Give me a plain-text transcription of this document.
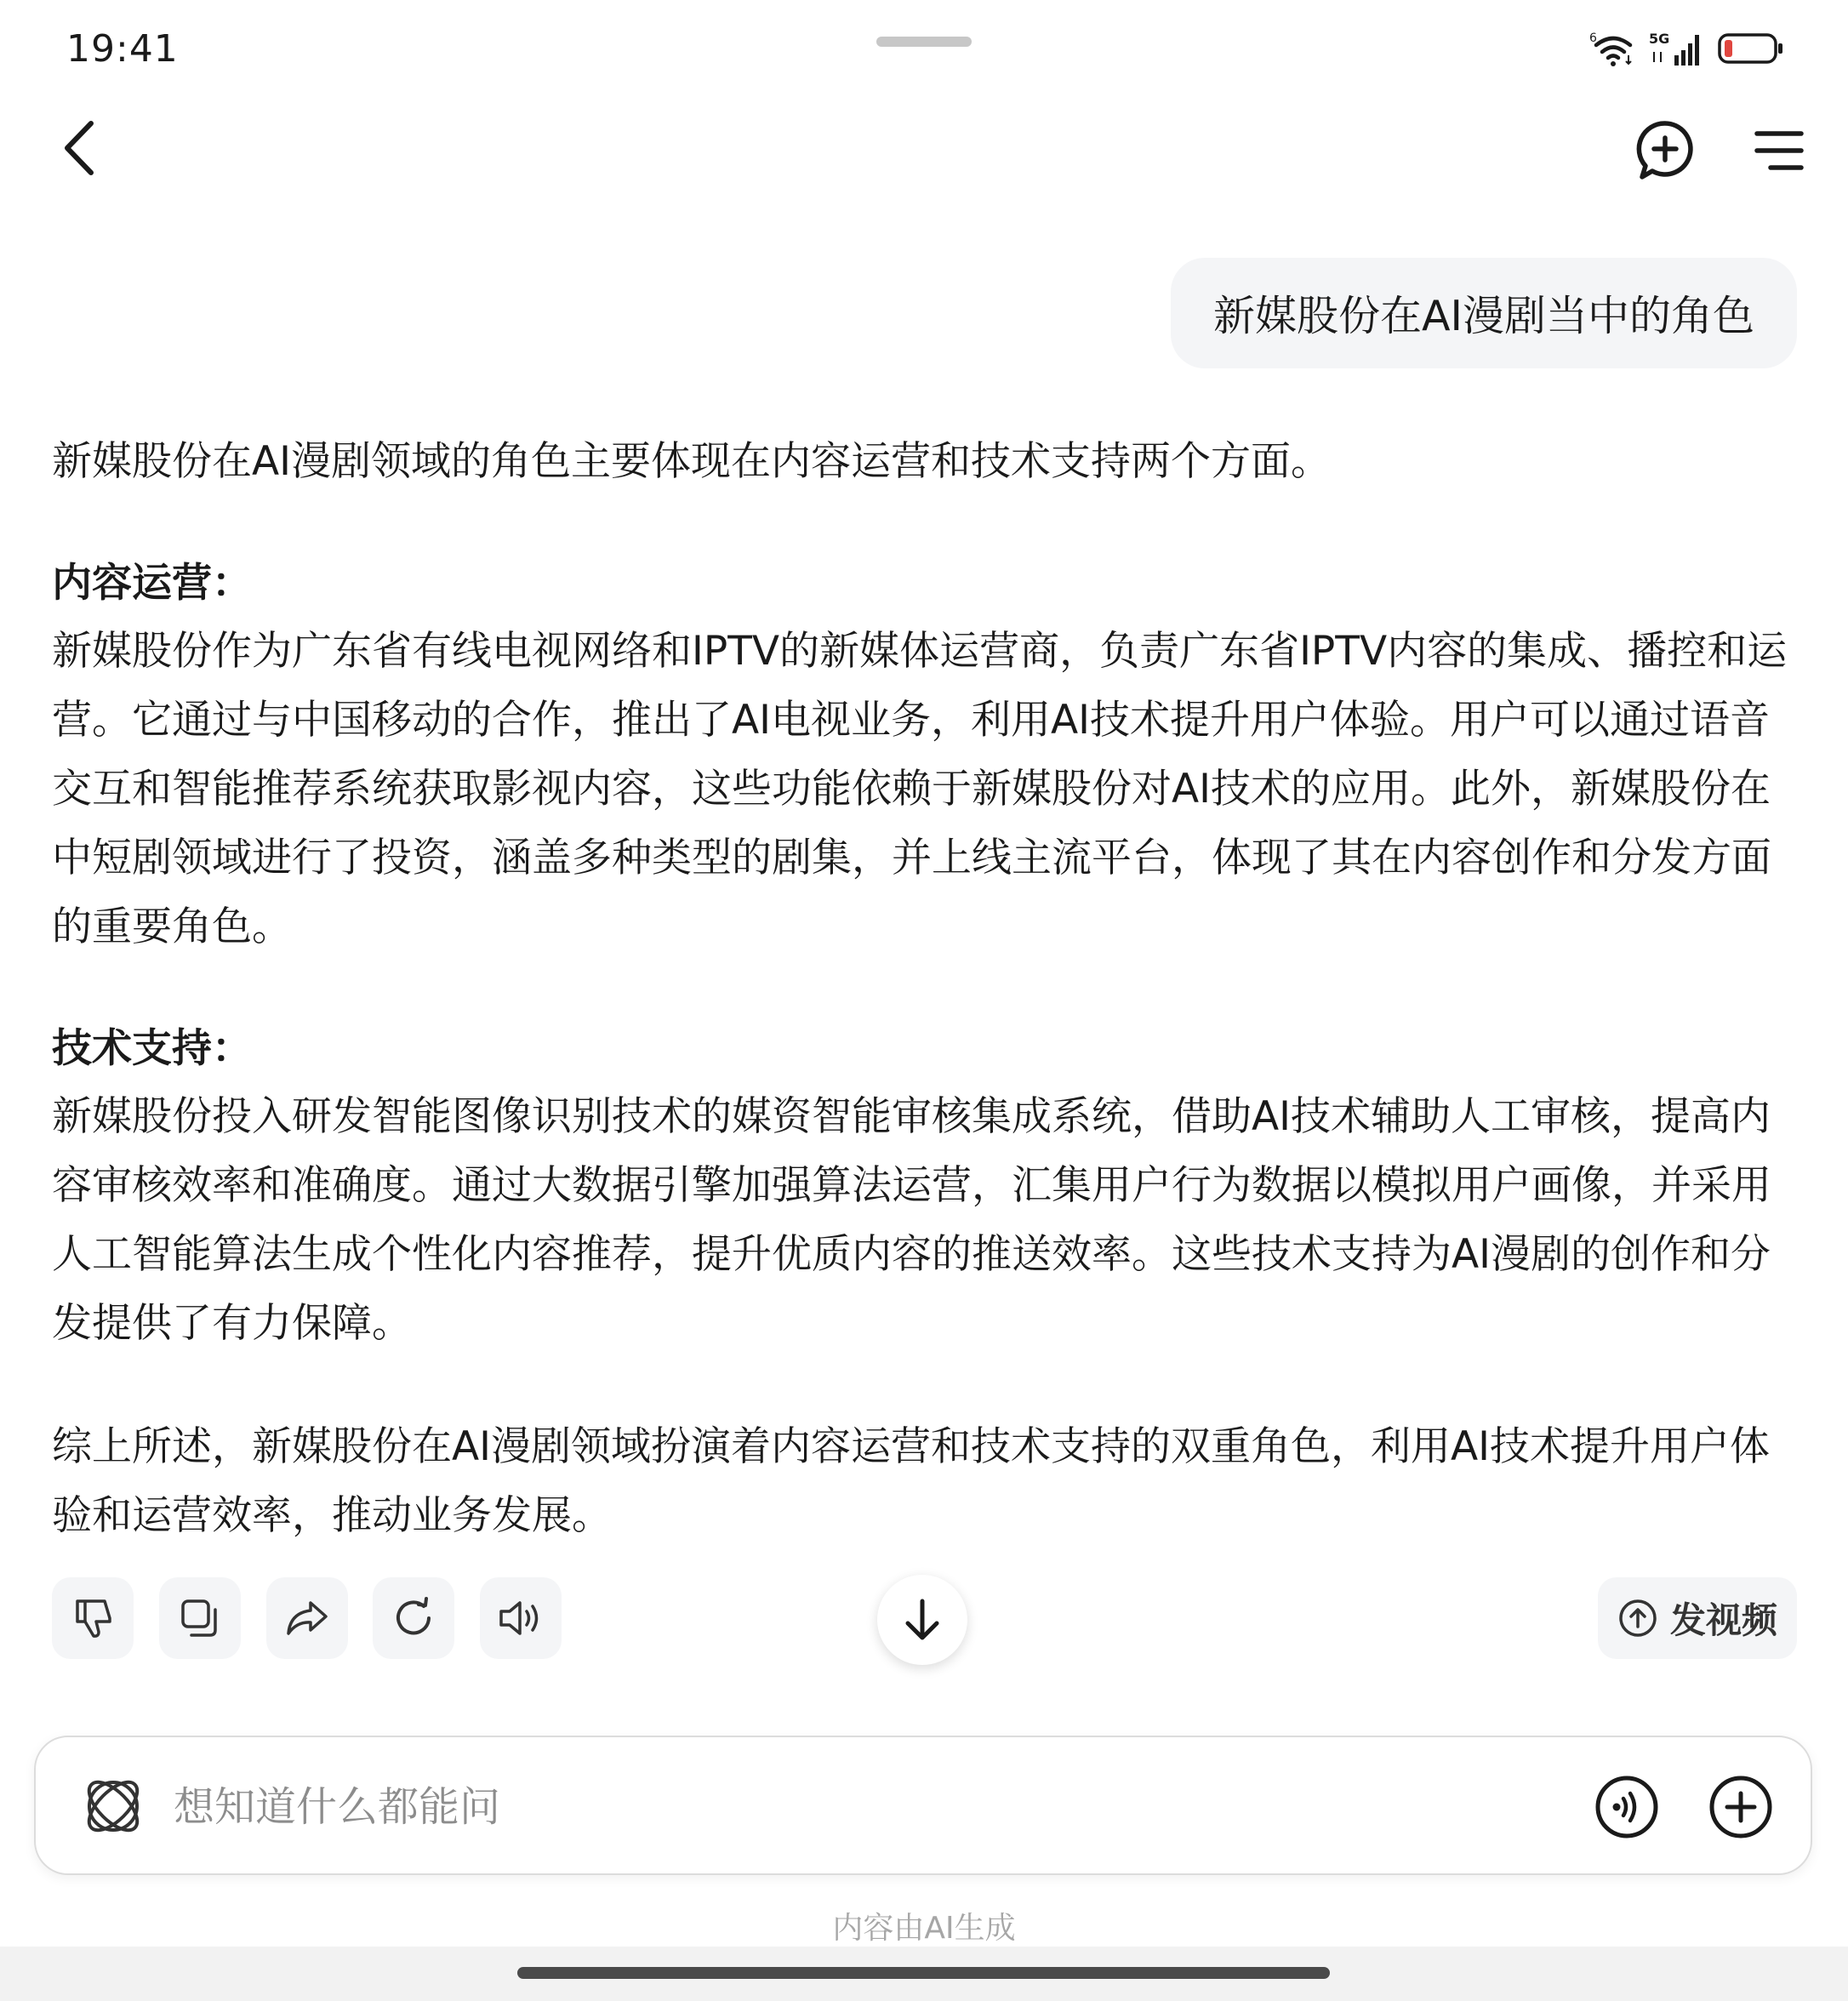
19:41	6	5G
新媒股份在AI漫剧当中的角色

新媒股份在AI漫剧领域的角色主要体现在内容运营和技术支持两个方面。

内容运营：

新媒股份作为广东省有线电视网络和IPTV的新媒体运营商，负责广东省IPTV内容的集成、播控和运营。它通过与中国移动的合作，推出了AI电视业务，利用AI技术提升用户体验。用户可以通过语音交互和智能推荐系统获取影视内容，这些功能依赖于新媒股份对AI技术的应用。此外，新媒股份在中短剧领域进行了投资，涵盖多种类型的剧集，并上线主流平台，体现了其在内容创作和分发方面的重要角色。

技术支持：

新媒股份投入研发智能图像识别技术的媒资智能审核集成系统，借助AI技术辅助人工审核，提高内容审核效率和准确度。通过大数据引擎加强算法运营，汇集用户行为数据以模拟用户画像，并采用人工智能算法生成个性化内容推荐，提升优质内容的推送效率。这些技术支持为AI漫剧的创作和分发提供了有力保障。

综上所述，新媒股份在AI漫剧领域扮演着内容运营和技术支持的双重角色，利用AI技术提升用户体验和运营效率，推动业务发展。

发视频
想知道什么都能问
内容由AI生成
